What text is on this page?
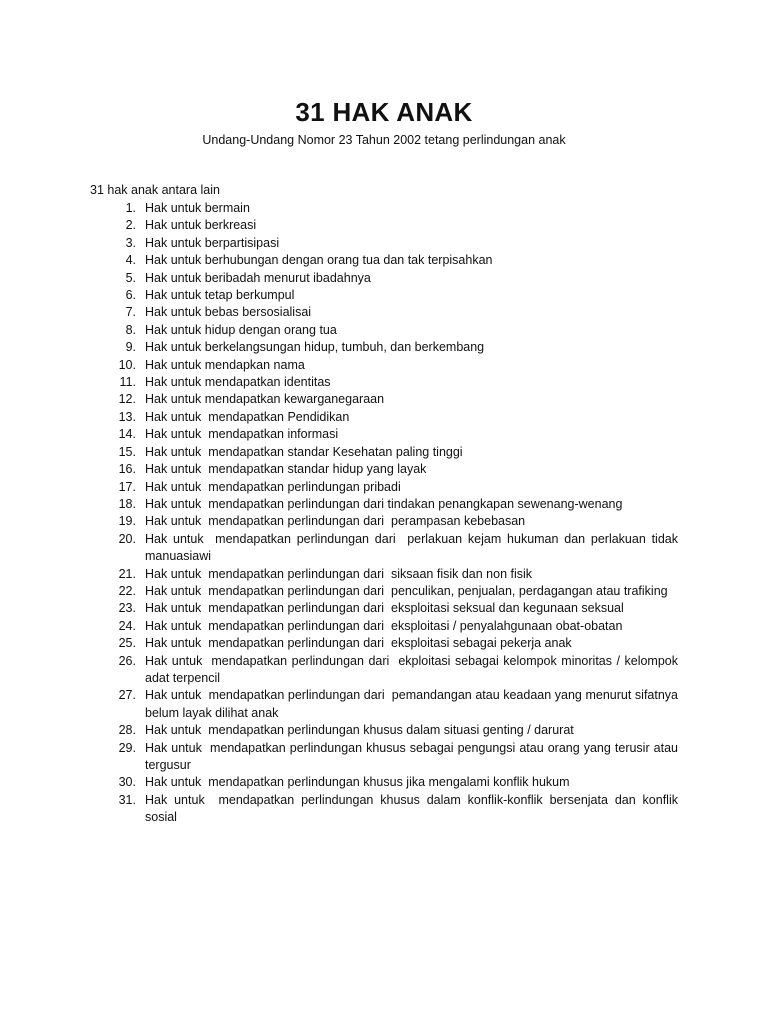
31 HAK ANAK
Undang-Undang Nomor 23 Tahun 2002 tetang perlindungan anak
31 hak anak antara lain
1. Hak untuk bermain
2. Hak untuk berkreasi
3. Hak untuk berpartisipasi
4. Hak untuk berhubungan dengan orang tua dan tak terpisahkan
5. Hak untuk beribadah menurut ibadahnya
6. Hak untuk tetap berkumpul
7. Hak untuk bebas bersosialisai
8. Hak untuk hidup dengan orang tua
9. Hak untuk berkelangsungan hidup, tumbuh, dan berkembang
10. Hak untuk mendapkan nama
11. Hak untuk mendapatkan identitas
12. Hak untuk mendapatkan kewarganegaraan
13. Hak untuk  mendapatkan Pendidikan
14. Hak untuk  mendapatkan informasi
15. Hak untuk  mendapatkan standar Kesehatan paling tinggi
16. Hak untuk  mendapatkan standar hidup yang layak
17. Hak untuk  mendapatkan perlindungan pribadi
18. Hak untuk  mendapatkan perlindungan dari tindakan penangkapan sewenang-wenang
19. Hak untuk  mendapatkan perlindungan dari  perampasan kebebasan
20. Hak untuk  mendapatkan perlindungan dari  perlakuan kejam hukuman dan perlakuan tidak manuasiawi
21. Hak untuk  mendapatkan perlindungan dari  siksaan fisik dan non fisik
22. Hak untuk  mendapatkan perlindungan dari  penculikan, penjualan, perdagangan atau trafiking
23. Hak untuk  mendapatkan perlindungan dari  eksploitasi seksual dan kegunaan seksual
24. Hak untuk  mendapatkan perlindungan dari  eksploitasi / penyalahgunaan obat-obatan
25. Hak untuk  mendapatkan perlindungan dari  eksploitasi sebagai pekerja anak
26. Hak untuk  mendapatkan perlindungan dari  ekploitasi sebagai kelompok minoritas / kelompok adat terpencil
27. Hak untuk  mendapatkan perlindungan dari  pemandangan atau keadaan yang menurut sifatnya belum layak dilihat anak
28. Hak untuk  mendapatkan perlindungan khusus dalam situasi genting / darurat
29. Hak untuk  mendapatkan perlindungan khusus sebagai pengungsi atau orang yang terusir atau tergusur
30. Hak untuk  mendapatkan perlindungan khusus jika mengalami konflik hukum
31. Hak untuk  mendapatkan perlindungan khusus dalam konflik-konflik bersenjata dan konflik sosial
